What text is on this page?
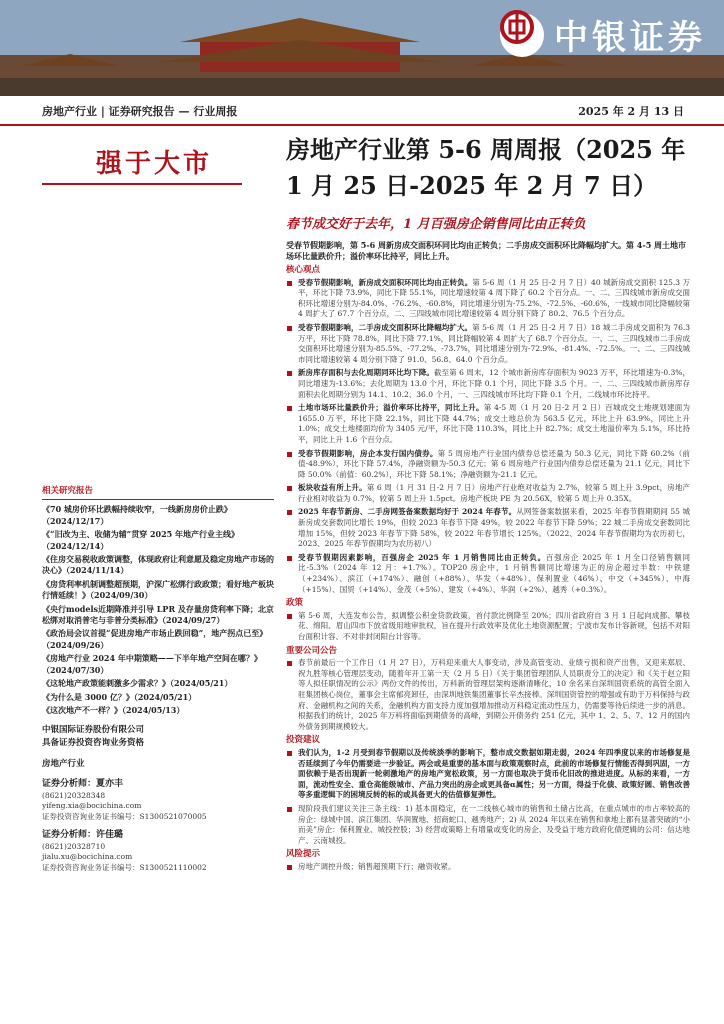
中银证券
房地产行业 | 证券研究报告 — 行业周报	2025 年 2 月 13 日
强于大市	房地产行业第 5-6 周周报（2025 年 1 月 25 日-2025 年 2 月 7 日）
春节成交好于去年，1 月百强房企销售同比由正转负
受春节假期影响，第 5-6 周新房成交面积环同比均由正转负；二手房成交面积环比降幅均扩大。第 4-5 周土地市场环比量跌价升；溢价率环比持平，同比上升。
核心观点
受春节假期影响，新房成交面积环同比均由正转负。第 5-6 周（1 月 25 日-2 月 7 日）40 城新房成交面积 125.3 万平，环比下降 73.9%，同比下降 55.1%，同比增速较第 4 周下降了 60.2 个百分点。一、二、三四线城市新房成交面积环比增速分别为-84.0%、-76.2%、-60.8%，同比增速分别为-75.2%、-72.5%、-60.6%，一线城市同比降幅较第 4 周扩大了 67.7 个百分点，二、三四线城市同比增速较第 4 周分别下降了 80.2、76.5 个百分点。
受春节假期影响，二手房成交面积环比降幅均扩大。第 5-6 周（1 月 25 日-2 月 7 日）18 城二手房成交面积为 76.3 万平，环比下降 78.8%，同比下降 77.1%，同比降幅较第 4 周扩大了 68.7 个百分点。一、二、三四线城市二手房成交面积环比增速分别为-85.5%、-77.2%、-73.7%，同比增速分别为-72.9%、-81.4%、-72.5%。一、二、三四线城市同比增速较第 4 周分别下降了 91.0、56.8、64.0 个百分点。
新房库存面积与去化周期同环比均下降。截至第 6 周末，12 个城市新房库存面积为 9023 万平，环比增速为-0.3%，同比增速为-13.6%；去化周期为 13.0 个月，环比下降 0.1 个月，同比下降 3.5 个月。一、二、三四线城市新房库存面积去化周期分别为 14.1、10.2、36.0 个月，一、三四线城市环比均下降 0.1 个月，二线城市环比持平。
土地市场环比量跌价升；溢价率环比持平，同比上升。第 4-5 周（1 月 20 日-2 月 2 日）百城成交土地规划建面为 1655.0 万平，环比下降 22.1%，同比下降 44.7%；成交土地总价为 563.5 亿元，环比上升 63.9%，同比上升 1.0%；成交土地楼面均价为 3405 元/平，环比下降 110.3%，同比上升 82.7%；成交土地溢价率为 5.1%，环比持平，同比上升 1.6 个百分点。
受春节假期影响，房企本发行国内债券。第 5 周房地产行业国内债券总偿还量为 50.3 亿元，同比下降 60.2%（前值-48.9%），环比下降 57.4%，净融资额为-50.3 亿元；第 6 周房地产行业国内债券总偿还量为 21.1 亿元，同比下降 50.0%（前值：60.2%），环比下降 58.1%；净融资额为-21.1 亿元。
板块收益有所上升。第 6 周（1 月 31 日-2 月 7 日）房地产行业绝对收益为 2.7%，较第 5 周上升 3.9pct，房地产行业相对收益为 0.7%，较第 5 周上升 1.5pct。房地产板块 PE 为 20.56X，较第 5 周上升 0.35X。
2025 年春节新房、二手房网签备案数据均好于 2024 年春节。从网签备案数据来看，2025 年春节假期期间 55 城新房成交套数同比增长 19%，但较 2023 年春节下降 49%，较 2022 年春节下降 59%；22 城二手房成交套数同比增加 15%，但较 2023 年春节下降 58%，较 2022 年春节增长 125%。（2022、2024 年春节假期均为农历初七，2023、2025 年春节假期均为农历初八）
受春节假期因素影响，百强房企 2025 年 1 月销售同比由正转负。百强房企 2025 年 1 月全口径销售额同比-5.3%（2024 年 12 月：+1.7%）。TOP20 房企中，1 月销售额同比增速为正的房企超过半数：中铁建（+234%）、滨江（+174%）、融创（+88%）、华发（+48%）、保利置业（46%）、中交（+345%）、中海（+15%）、国贸（+14%）、金茂（+5%）、建发（+4%）、华润（+2%）、越秀（+0.3%）。
政策
第 5-6 周，大连发布公告，拟调整公积金贷款政策，首付款比例降至 20%；四川省政府自 3 月 1 日起向成都、攀枝花、绵阳、眉山四市下放省级用地审批权，旨在提升行政效率及优化土地资源配置；宁波市发布计容新规，包括不对阳台面积计容、不对非封闭阳台计容等。
重要公司公告
春节前最后一个工作日（1 月 27 日），万科迎来重大人事变动，涉及高管变动、业绩亏损和资产出售，又迎来郑辰、祝九胜等核心管理层变动，随着年开工第一天（2 月 5 日）《关于集团管理团队人员职责分工的决定》和《关于赵立阳等人拟任职情况的公示》两份文件的传出，万科新的管理层架构逐渐清晰化，10 余名来自深圳国资系统的高管全面入驻集团核心岗位，董事会主席郁亮卸任，由深圳地铁集团董事长辛杰接棒。深圳国资管控的增强或有助于万科保持与政府、金融机构之间的关系，金融机构方面支持力度加强增加推动万科稳定流动性压力，仍需要等待后续进一步的消息。根据我们的统计，2025 年万科将面临到期债务的高峰，到期公开债务约 251 亿元，其中 1、2、5、7、12 月的国内外债务到期规模较大。
投资建议
我们认为，1-2 月受到春节假期以及传统淡季的影响下，整市成交数据如期走弱，2024 年四季度以来的市场修复是否延续到了今年仍需要进一步验证。两会或是重要的基本面与政策观察时点，此前的市场修复行情能否得到巩固，一方面依赖于是否出现新一轮刺激地产的房地产宽松政策，另一方面也取决于货币化旧改的推进进度。从标的来看，一方面，流动性安全、重仓高能级城市、产品力突出的房企或更具备α属性；另一方面，得益于化债、政策好圆、销售改善等多重逻辑下的困境反转的标的或具备更大的估值修复弹性。
现阶段我们建议关注三条主线：1) 基本面稳定，在一二线核心城市的销售和土储占比高，在重点城市的市占率较高的房企：绿城中国、滨江集团、华润置地、招商蛇口、越秀地产；2) 从 2024 年以来在销售和拿地上都有显著突破的“小而美”房企：保利置业、城投控股；3) 经营或策略上有增量或变化的房企、及受益于地方政府化债逻辑的公司：信达地产、云南城投。
风险提示
房地产调控升级；销售超预期下行；融资收紧。
相关研究报告
《70 城房价环比跌幅持续收窄，一线新房房价止跌》（2024/12/17）
《“旧改为主、收储为辅”贯穿 2025 年地产行业主线》（2024/12/14）
《住房交易税收政策调整，体现政府让利意愿及稳定房地产市场的决心》（2024/11/14）
《房贷利率机制调整超预期，沪深广松绑行政政策；看好地产板块行情延续！》（2024/09/30）
《央行models近期降准并引导 LPR 及存量房贷利率下降；北京松绑对取消普宅与非普分类标准》（2024/09/27）
《政治局会议首提“促进房地产市场止跌回稳”，地产拐点已至》（2024/09/26）
《房地产行业 2024 年中期策略——下半年地产空间在哪？》（2024/07/30）
《这轮地产政策能刺激多少需求？》（2024/05/21）
《为什么是 3000 亿？》（2024/05/21）
《这次地产不一样？》（2024/05/13）
中银国际证券股份有限公司
具备证券投资咨询业务资格
房地产行业
证券分析师：夏亦丰
(8621)20328348
yifeng.xia@bocichina.com
证券投资咨询业务证书编号：S1300521070005
证券分析师：许佳璐
(8621)20328710
jialu.xu@bocichina.com
证券投资咨询业务证书编号：S1300521110002
